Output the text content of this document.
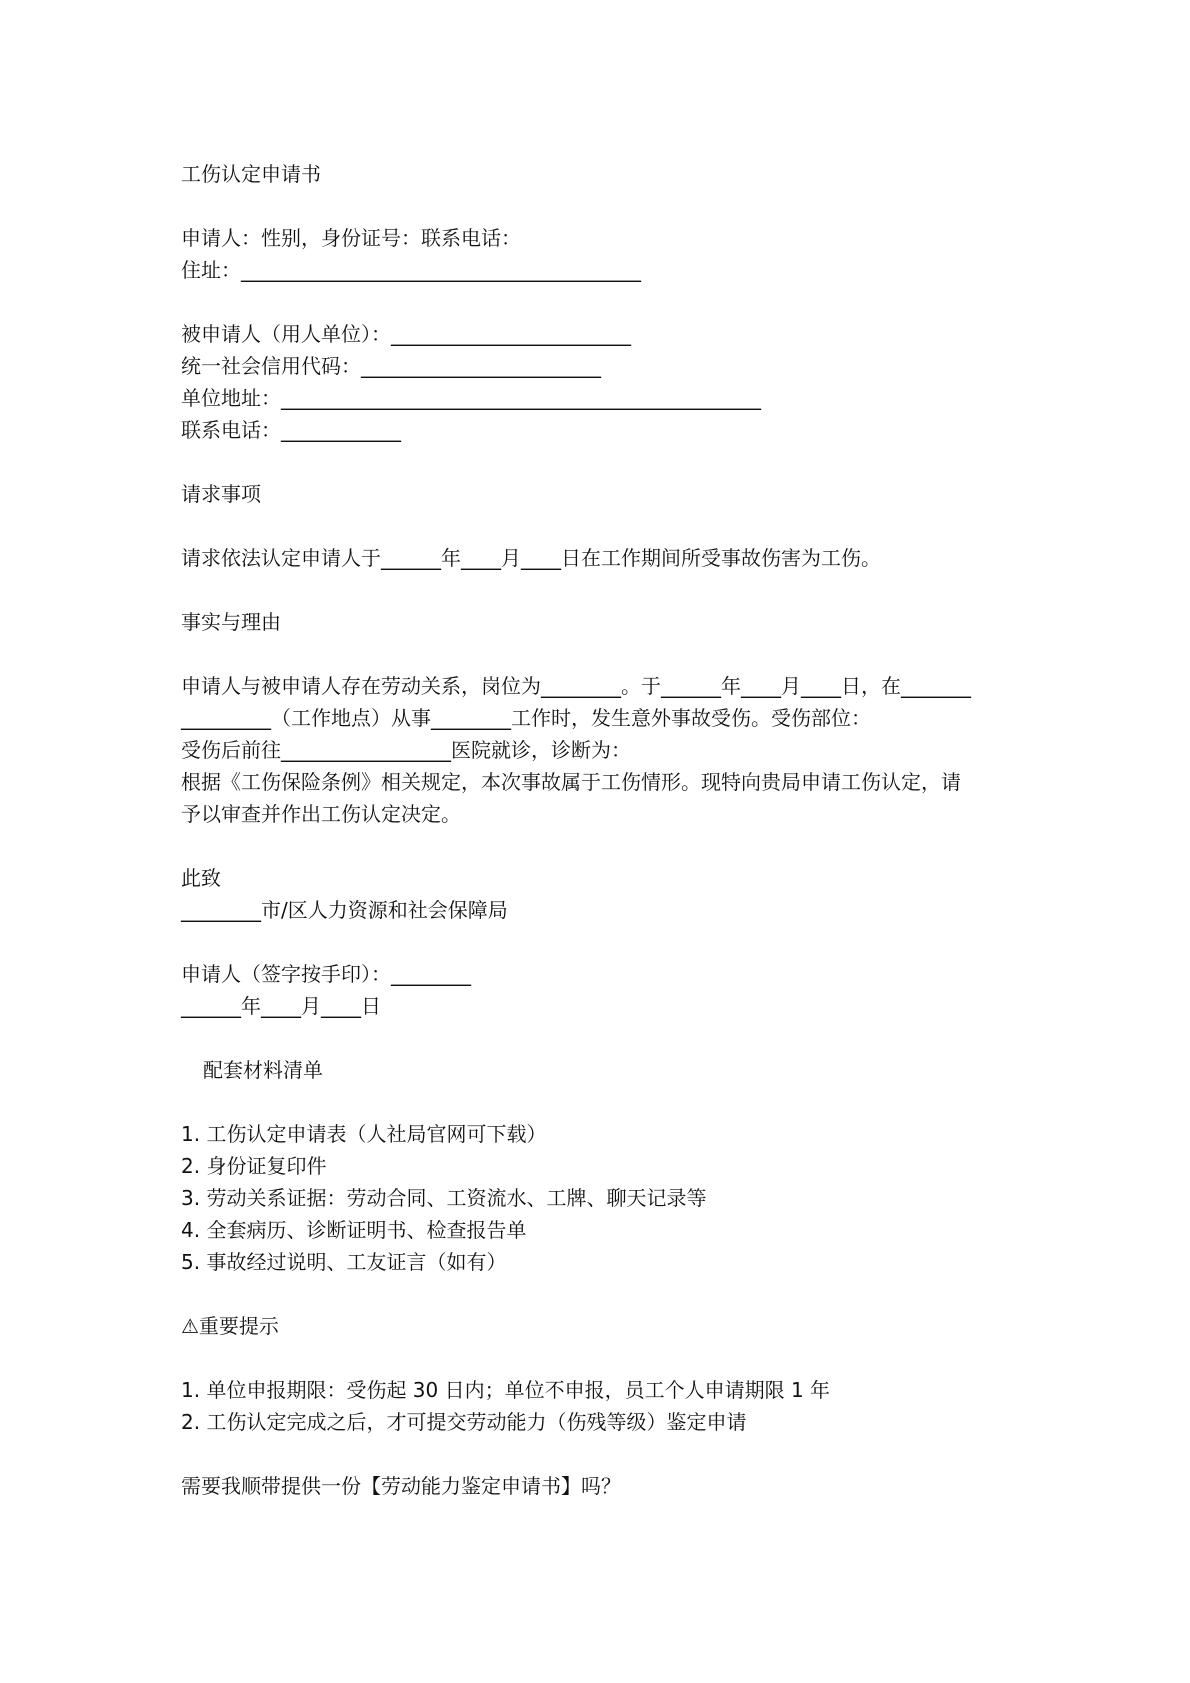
工伤认定申请书
申请人：性别，身份证号：联系电话：
住址：________________________________________
被申请人（用人单位）：________________________
统一社会信用代码：________________________
单位地址：________________________________________________
联系电话：____________
请求事项
请求依法认定申请人于______年____月____日在工作期间所受事故伤害为工伤。
事实与理由
申请人与被申请人存在劳动关系，岗位为________。于______年____月____日，在_______
_________（工作地点）从事________工作时，发生意外事故受伤。受伤部位：
受伤后前往_________________医院就诊，诊断为：
根据《工伤保险条例》相关规定，本次事故属于工伤情形。现特向贵局申请工伤认定，请
予以审查并作出工伤认定决定。
此致
________市/区人力资源和社会保障局
申请人（签字按手印）：________
______年____月____日
配套材料清单
1. 工伤认定申请表（人社局官网可下载）
2. 身份证复印件
3. 劳动关系证据：劳动合同、工资流水、工牌、聊天记录等
4. 全套病历、诊断证明书、检查报告单
5. 事故经过说明、工友证言（如有）
⚠重要提示
1. 单位申报期限：受伤起 30 日内；单位不申报，员工个人申请期限 1 年
2. 工伤认定完成之后，才可提交劳动能力（伤残等级）鉴定申请
需要我顺带提供一份【劳动能力鉴定申请书】吗？
